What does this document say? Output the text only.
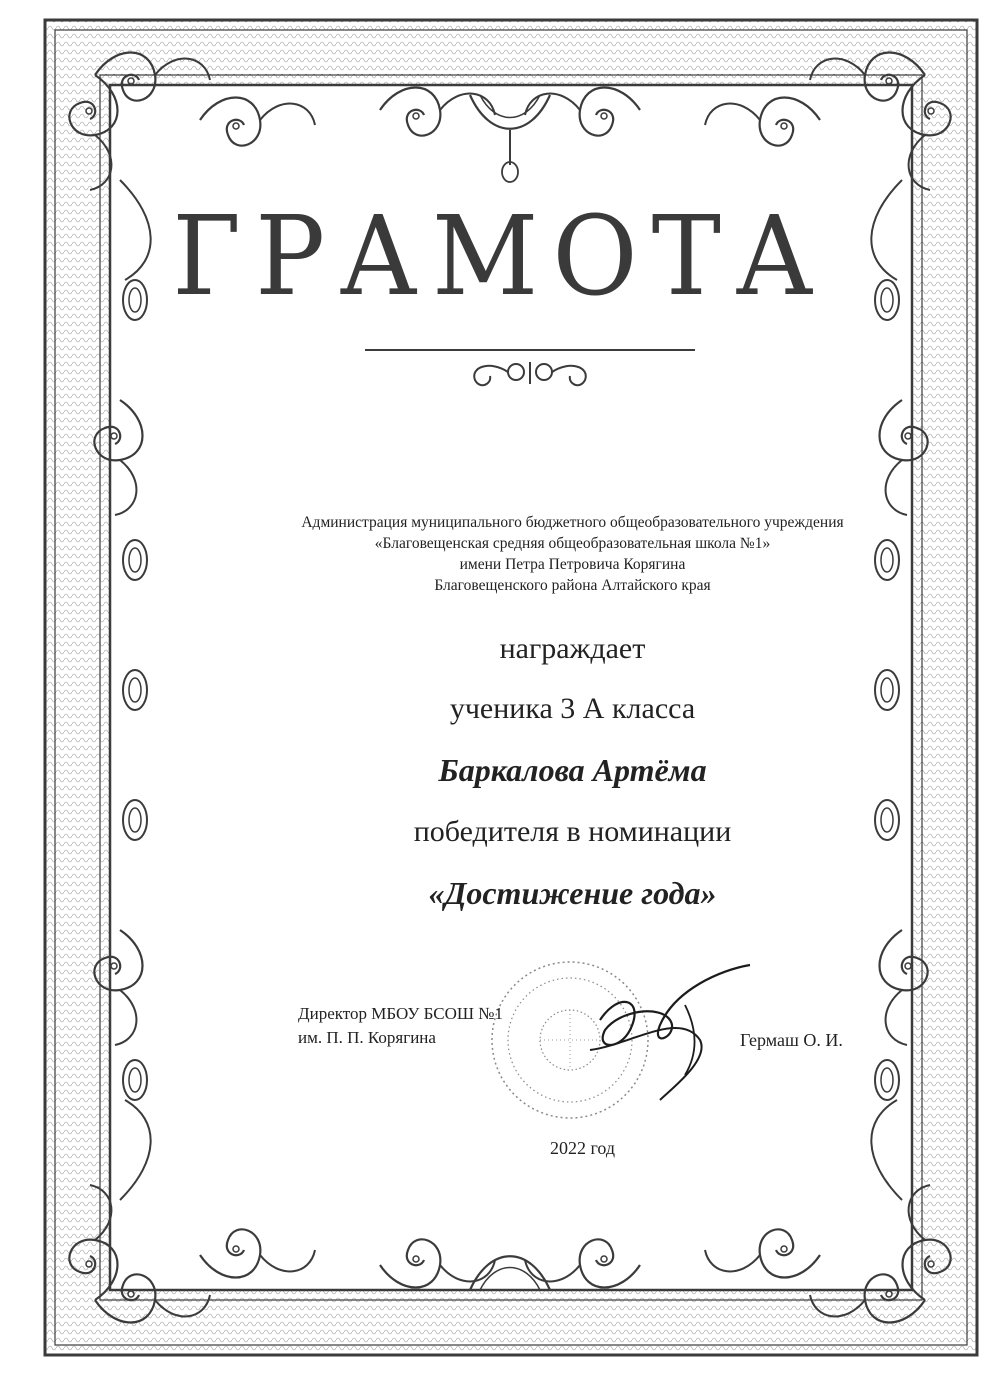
ГРАМОТА
Администрация муниципального бюджетного общеобразовательного учреждения
«Благовещенская средняя общеобразовательная школа №1»
имени Петра Петровича Корягина
Благовещенского района Алтайского края
награждает
ученика 3 А класса
Баркалова Артёма
победителя в номинации
«Достижение года»
Директор МБОУ БСОШ №1
им. П. П. Корягина	Гермаш О. И.
2022 год
